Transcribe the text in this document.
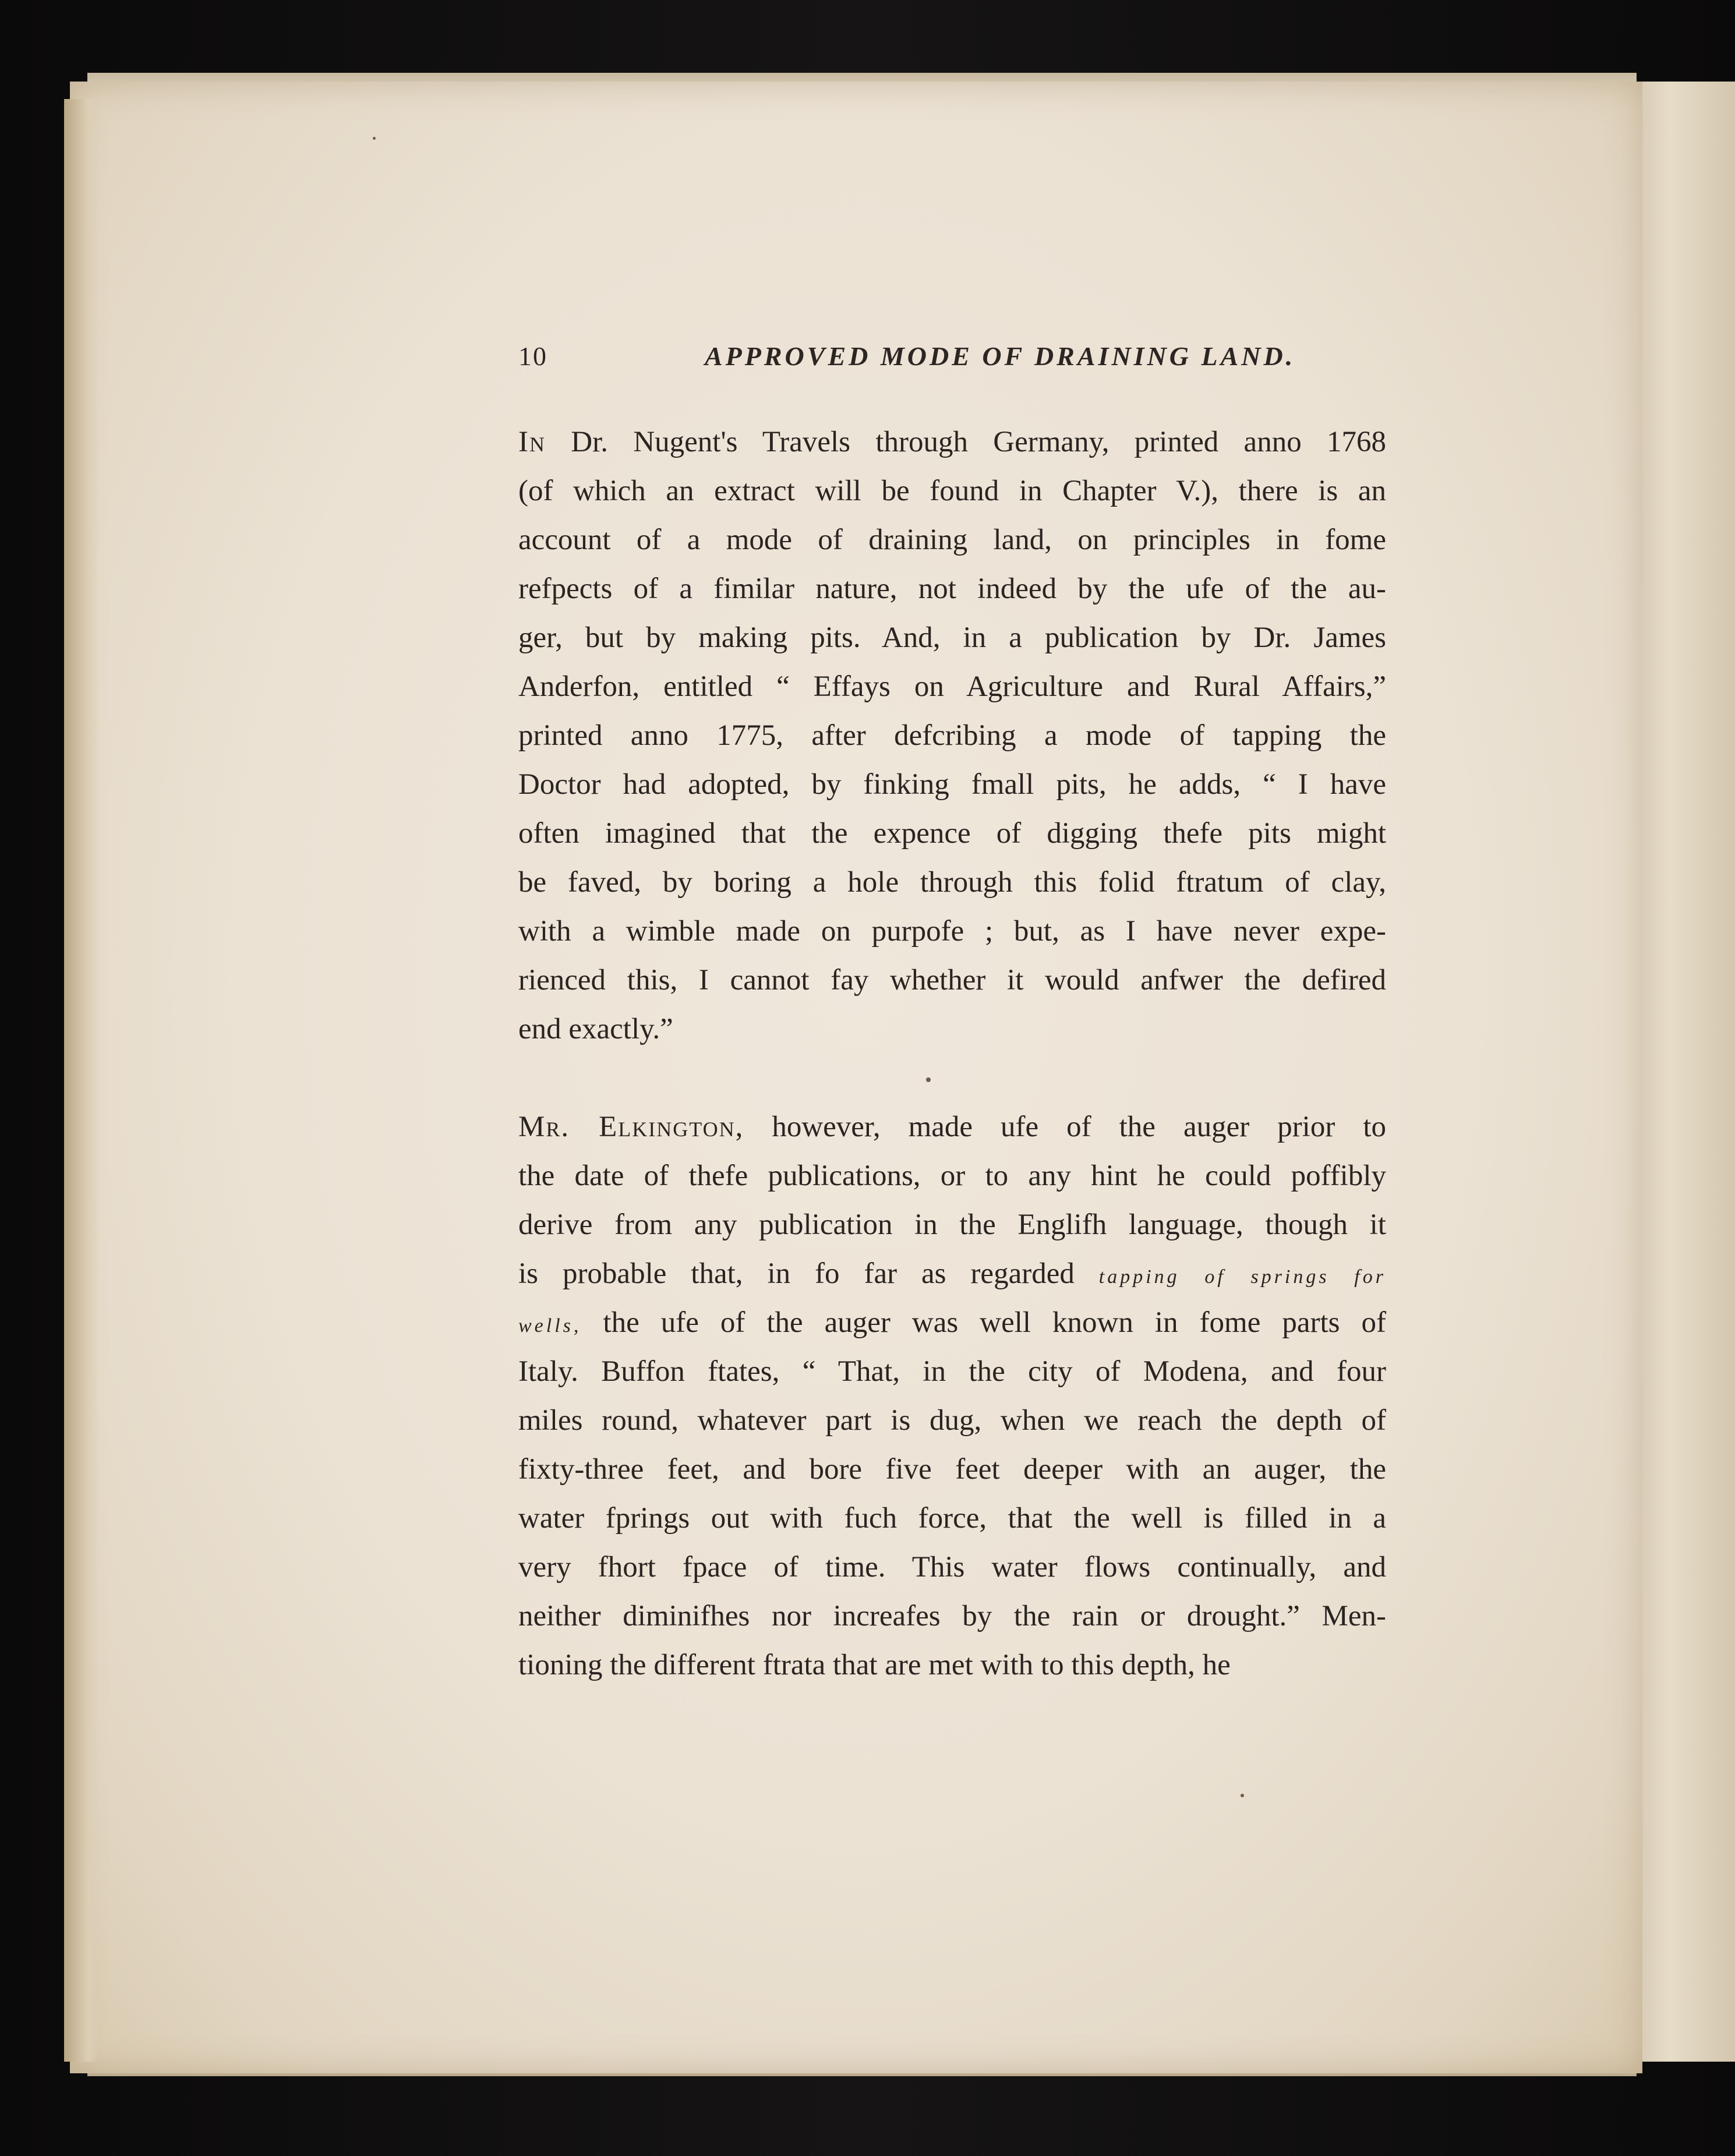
10	APPROVED MODE OF DRAINING LAND.
In Dr. Nugent's Travels through Germany, printed anno 1768
(of which an extract will be found in Chapter V.), there is an
account of a mode of draining land, on principles in fome
refpects of a fimilar nature, not indeed by the ufe of the au-
ger, but by making pits. And, in a publication by Dr. James
Anderfon, entitled “ Effays on Agriculture and Rural Affairs,”
printed anno 1775, after defcribing a mode of tapping the
Doctor had adopted, by finking fmall pits, he adds, “ I have
often imagined that the expence of digging thefe pits might
be faved, by boring a hole through this folid ftratum of clay,
with a wimble made on purpofe ; but, as I have never expe-
rienced this, I cannot fay whether it would anfwer the defired
end exactly.”
Mr. Elkington, however, made ufe of the auger prior to
the date of thefe publications, or to any hint he could poffibly
derive from any publication in the Englifh language, though it
is probable that, in fo far as regarded tapping of springs for
wells, the ufe of the auger was well known in fome parts of
Italy. Buffon ftates, “ That, in the city of Modena, and four
miles round, whatever part is dug, when we reach the depth of
fixty-three feet, and bore five feet deeper with an auger, the
water fprings out with fuch force, that the well is filled in a
very fhort fpace of time. This water flows continually, and
neither diminifhes nor increafes by the rain or drought.” Men-
tioning the different ftrata that are met with to this depth, he
